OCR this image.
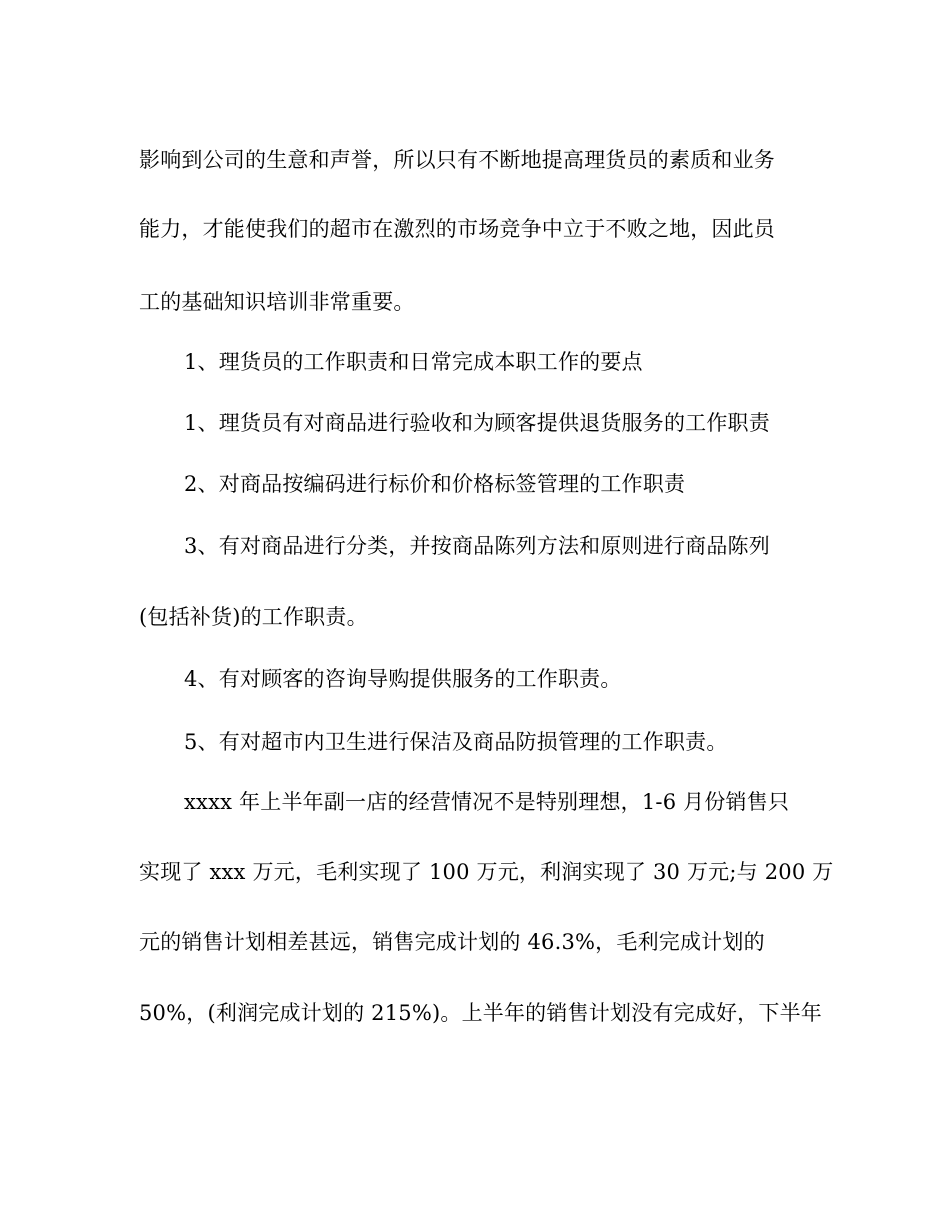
影响到公司的生意和声誉，所以只有不断地提高理货员的素质和业务
能力，才能使我们的超市在激烈的市场竞争中立于不败之地，因此员
工的基础知识培训非常重要。
1、理货员的工作职责和日常完成本职工作的要点
1、理货员有对商品进行验收和为顾客提供退货服务的工作职责
2、对商品按编码进行标价和价格标签管理的工作职责
3、有对商品进行分类，并按商品陈列方法和原则进行商品陈列
(包括补货)的工作职责。
4、有对顾客的咨询导购提供服务的工作职责。
5、有对超市内卫生进行保洁及商品防损管理的工作职责。
xxxx 年上半年副一店的经营情况不是特别理想，1-6 月份销售只
实现了 xxx 万元，毛利实现了 100 万元，利润实现了 30 万元;与 200 万
元的销售计划相差甚远，销售完成计划的 46.3%，毛利完成计划的
50%，(利润完成计划的 215%)。上半年的销售计划没有完成好，下半年
